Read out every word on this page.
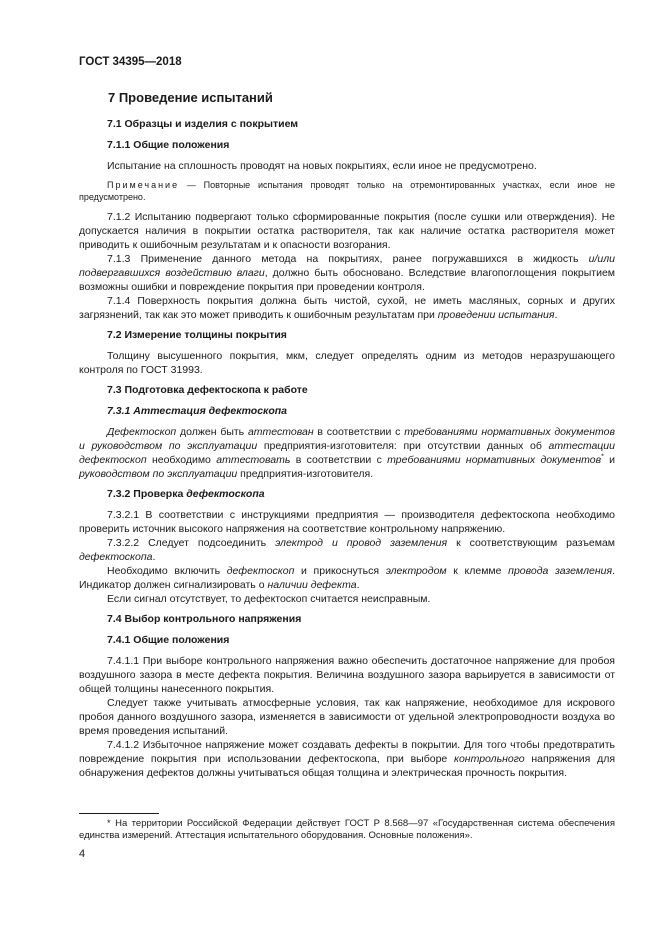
ГОСТ 34395—2018
7 Проведение испытаний
7.1 Образцы и изделия с покрытием
7.1.1 Общие положения

Испытание на сплошность проводят на новых покрытиях, если иное не предусмотрено.

Примечание — Повторные испытания проводят только на отремонтированных участках, если иное не предусмотрено.

7.1.2 Испытанию подвергают только сформированные покрытия (после сушки или отверждения). Не допускается наличия в покрытии остатка растворителя, так как наличие остатка растворителя может приводить к ошибочным результатам и к опасности возгорания.

7.1.3 Применение данного метода на покрытиях, ранее погружавшихся в жидкость и/или подвергавшихся воздействию влаги, должно быть обосновано. Вследствие влагопоглощения покрытием возможны ошибки и повреждение покрытия при проведении контроля.

7.1.4 Поверхность покрытия должна быть чистой, сухой, не иметь масляных, сорных и других загрязнений, так как это может приводить к ошибочным результатам при проведении испытания.

7.2 Измерение толщины покрытия

Толщину высушенного покрытия, мкм, следует определять одним из методов неразрушающего контроля по ГОСТ 31993.

7.3 Подготовка дефектоскопа к работе
7.3.1 Аттестация дефектоскопа

Дефектоскоп должен быть аттестован в соответствии с требованиями нормативных документов и руководством по эксплуатации предприятия-изготовителя: при отсутствии данных об аттестации дефектоскоп необходимо аттестовать в соответствии с требованиями нормативных документов* и руководством по эксплуатации предприятия-изготовителя.

7.3.2 Проверка дефектоскопа

7.3.2.1 В соответствии с инструкциями предприятия — производителя дефектоскопа необходимо проверить источник высокого напряжения на соответствие контрольному напряжению.

7.3.2.2 Следует подсоединить электрод и провод заземления к соответствующим разъемам дефектоскопа.

Необходимо включить дефектоскоп и прикоснуться электродом к клемме провода заземления. Индикатор должен сигнализировать о наличии дефекта.

Если сигнал отсутствует, то дефектоскоп считается неисправным.

7.4 Выбор контрольного напряжения
7.4.1 Общие положения

7.4.1.1 При выборе контрольного напряжения важно обеспечить достаточное напряжение для пробоя воздушного зазора в месте дефекта покрытия. Величина воздушного зазора варьируется в зависимости от общей толщины нанесенного покрытия.

Следует также учитывать атмосферные условия, так как напряжение, необходимое для искрового пробоя данного воздушного зазора, изменяется в зависимости от удельной электропроводности воздуха во время проведения испытаний.

7.4.1.2 Избыточное напряжение может создавать дефекты в покрытии. Для того чтобы предотвратить повреждение покрытия при использовании дефектоскопа, при выборе контрольного напряжения для обнаружения дефектов должны учитываться общая толщина и электрическая прочность покрытия.

* На территории Российской Федерации действует ГОСТ Р 8.568—97 «Государственная система обеспечения единства измерений. Аттестация испытательного оборудования. Основные положения».
4
